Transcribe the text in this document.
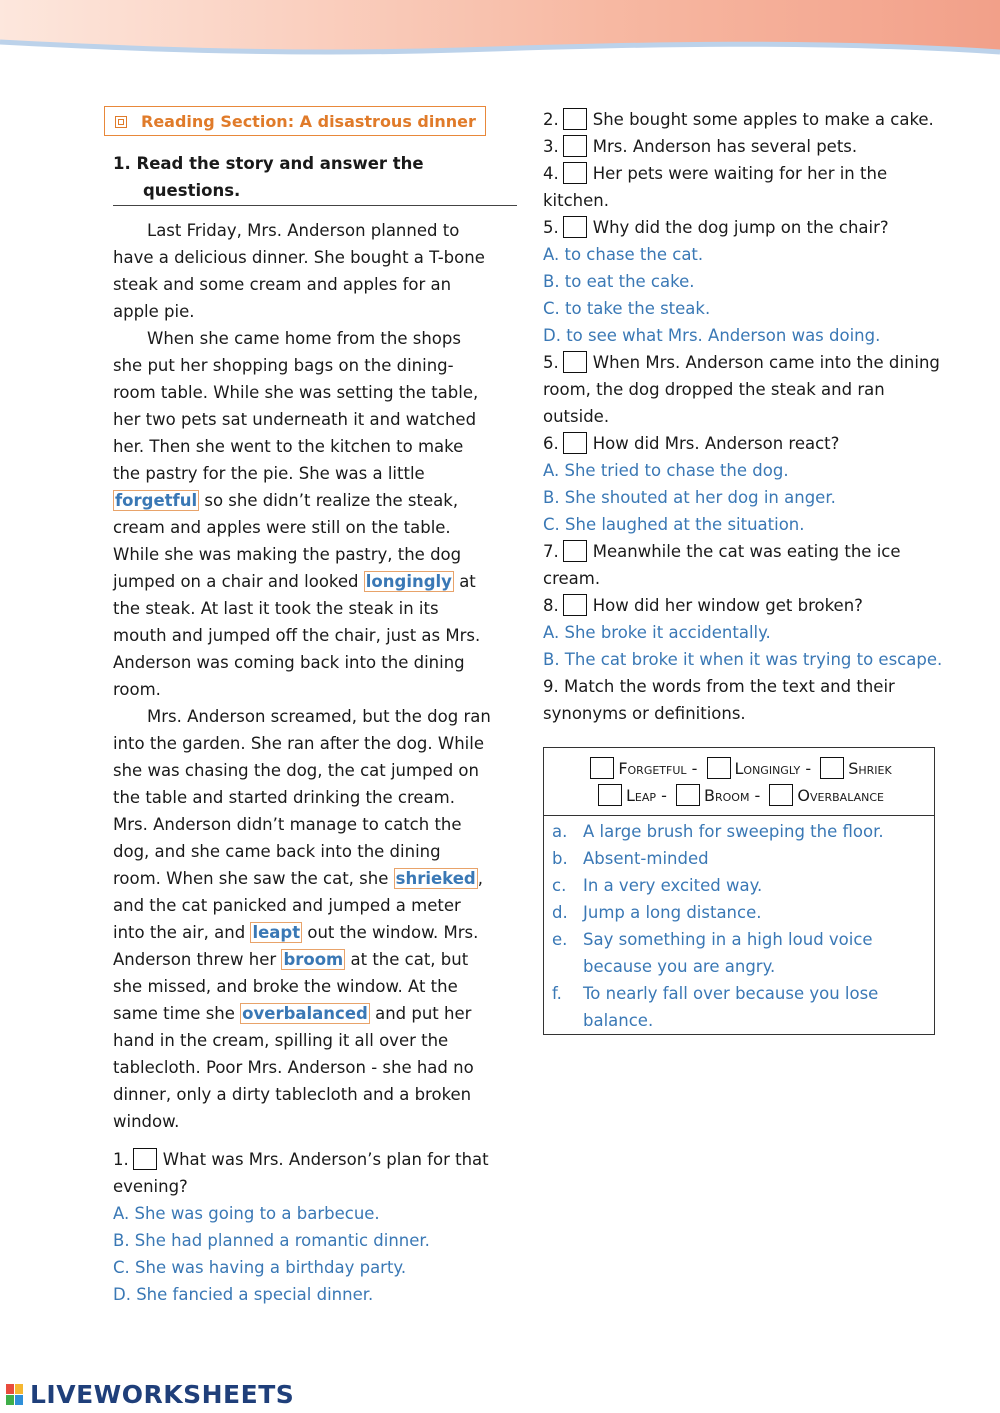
Reading Section: A disastrous dinner
1. Read the story and answer the questions.

Last Friday, Mrs. Anderson planned to have a delicious dinner. She bought a T-bone steak and some cream and apples for an apple pie.

When she came home from the shops she put her shopping bags on the dining-room table. While she was setting the table, her two pets sat underneath it and watched her. Then she went to the kitchen to make the pastry for the pie. She was a little forgetful so she didn’t realize the steak, cream and apples were still on the table. While she was making the pastry, the dog jumped on a chair and looked longingly at the steak. At last it took the steak in its mouth and jumped off the chair, just as Mrs. Anderson was coming back into the dining room.

Mrs. Anderson screamed, but the dog ran into the garden. She ran after the dog. While she was chasing the dog, the cat jumped on the table and started drinking the cream. Mrs. Anderson didn’t manage to catch the dog, and she came back into the dining room. When she saw the cat, she shrieked , and the cat panicked and jumped a meter into the air, and leapt out the window. Mrs. Anderson threw her broom at the cat, but she missed, and broke the window. At the same time she overbalanced and put her hand in the cream, spilling it all over the tablecloth. Poor Mrs. Anderson - she had no dinner, only a dirty tablecloth and a broken window.

1. What was Mrs. Anderson’s plan for that evening?
A. She was going to a barbecue.
B. She had planned a romantic dinner.
C. She was having a birthday party.
D. She fancied a special dinner.
2. She bought some apples to make a cake.
3. Mrs. Anderson has several pets.
4. Her pets were waiting for her in the kitchen.
5. Why did the dog jump on the chair?
A. to chase the cat.
B. to eat the cake.
C. to take the steak.
D. to see what Mrs. Anderson was doing.
5. When Mrs. Anderson came into the dining room, the dog dropped the steak and ran outside.
6. How did Mrs. Anderson react?
A. She tried to chase the dog.
B. She shouted at her dog in anger.
C. She laughed at the situation.
7. Meanwhile the cat was eating the ice cream.
8. How did her window get broken?
A. She broke it accidentally.
B. The cat broke it when it was trying to escape.
9. Match the words from the text and their synonyms or definitions.
Forgetful - Longingly - Shriek
Leap - Broom - Overbalance
a. A large brush for sweeping the floor.
b. Absent-minded
c. In a very excited way.
d. Jump a long distance.
e. Say something in a high loud voice because you are angry.
f. To nearly fall over because you lose balance.
LIVEWORKSHEETS
